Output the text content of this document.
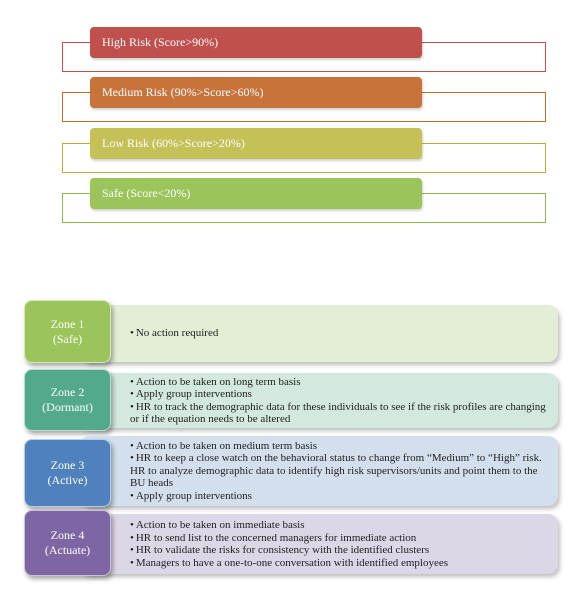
High Risk (Score>90%)
Medium Risk (90%>Score>60%)
Low Risk (60%>Score>20%)
Safe (Score<20%)
• No action required
Zone 1
(Safe)
• Action to be taken on long term basis
• Apply group interventions
• HR to track the demographic data for these individuals to see if the risk profiles are changing or if the equation needs to be altered
Zone 2
(Dormant)
• Action to be taken on medium term basis
• HR to keep a close watch on the behavioral status to change from “Medium” to “High” risk. HR to analyze demographic data to identify high risk supervisors/units and point them to the BU heads
• Apply group interventions
Zone 3
(Active)
• Action to be taken on immediate basis
• HR to send list to the concerned managers for immediate action
• HR to validate the risks for consistency with the identified clusters
• Managers to have a one-to-one conversation with identified employees
Zone 4
(Actuate)
